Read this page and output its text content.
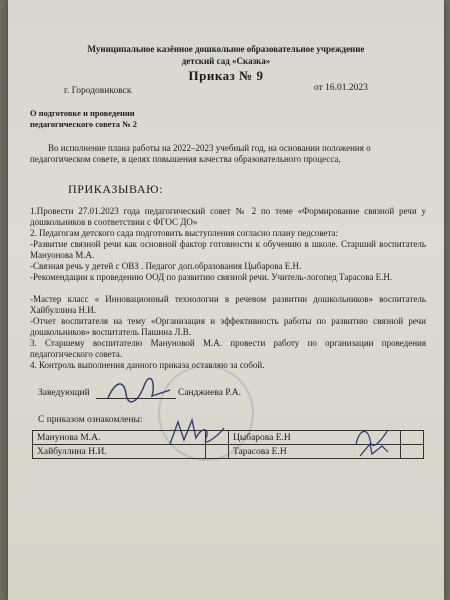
Муниципальное казённое дошкольное образовательное учреждение
детский сад «Сказка»
Приказ № 9
г. Городовиковск	от 16.01.2023
О подготовке и проведении
педагогического совета № 2
Во исполнение плана работы на 2022–2023 учебный год, на основании положения о
педагогическом совете, в целях повышения качества образовательного процесса,
ПРИКАЗЫВАЮ:
1.Провести 27.01.2023 года педагогический совет № 2 по теме «Формирование связной речи у дошкольников в соответствии с ФГОС ДО»
2. Педагогам детского сада подготовить выступления согласно плану педсовета:
-Развитие связной речи как основной фактор готовности к обучению в школе. Старший воспитатель Мануонова М.А.
-Связная речь у детей с ОВЗ . Педагог доп.образования Цыбарова Е.Н.
-Рекомендации к проведению ООД по развитию связной речи. Учитель-логопед Тарасова Е.Н.
-Мастер класс « Инновационный технологии в речевом развитии дошкольников» воспитатель Хайбуллина Н.И.
-Отчет воспитателя на тему «Организация и эффективность работы по развитию связной речи дошкольников» воспитатель Пашина Л.В.
3. Старшему воспитателю Мануновой М.А. провести работу по организации проведения педагогического совета.
4. Контроль выполнения данного приказа оставляю за собой.
Заведующий	Санджиева Р.А.
С приказом ознакомлены:
Манунова М.А.		Цыбарова Е.Н	
Хайбуллина Н.И.		Тарасова Е.Н	
